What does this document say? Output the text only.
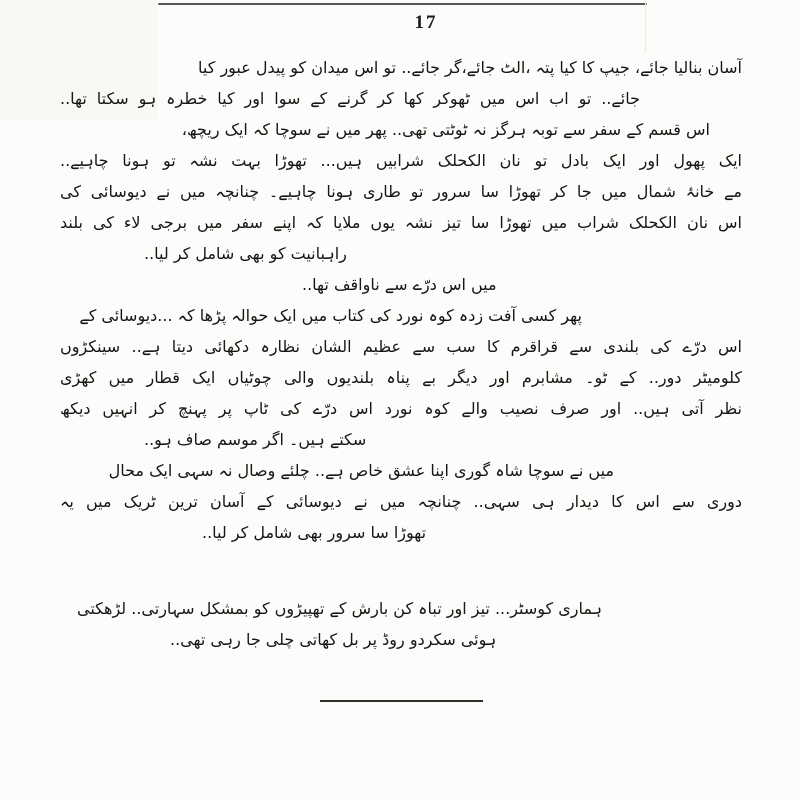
17
آسان بنالیا جائے، جیپ کا کیا پتہ ،الٹ جائے،گر جائے.. تو اس میدان کو پیدل عبور کیا
جائے.. تو اب اس میں ٹھوکر کھا کر گرنے کے سوا اور کیا خطرہ ہو سکتا تھا..
اس قسم کے سفر سے توبہ ہرگز نہ ٹوٹتی تھی.. پھر میں نے سوچا کہ ایک ریچھ،
ایک پھول اور ایک بادل تو نان الکحلک شرابیں ہیں... تھوڑا بہت نشہ تو ہونا چاہیے..
مے خانۂ شمال میں جا کر تھوڑا سا سرور تو طاری ہونا چاہیے۔ چنانچہ میں نے دیوسائی کی
اس نان الکحلک شراب میں تھوڑا سا تیز نشہ یوں ملایا کہ اپنے سفر میں برجی لاء کی بلند
راہبانیت کو بھی شامل کر لیا..
میں اس درّے سے ناواقف تھا..
پھر کسی آفت زدہ کوہ نورد کی کتاب میں ایک حوالہ پڑھا کہ ...دیوسائی کے
اس درّے کی بلندی سے قراقرم کا سب سے عظیم الشان نظارہ دکھائی دیتا ہے.. سینکڑوں
کلومیٹر دور.. کے ٹو۔ مشابرم اور دیگر بے پناہ بلندیوں والی چوٹیاں ایک قطار میں کھڑی
نظر آتی ہیں.. اور صرف نصیب والے کوہ نورد اس درّے کی ٹاپ پر پہنچ کر انہیں دیکھ
سکتے ہیں۔ اگر موسم صاف ہو..
میں نے سوچا شاہ گوری اپنا عشق خاص ہے.. چلئے وصال نہ سہی ایک محال
دوری سے اس کا دیدار ہی سہی.. چنانچہ میں نے دیوسائی کے آسان ترین ٹریک میں یہ
تھوڑا سا سرور بھی شامل کر لیا..
ہماری کوسٹر... تیز اور تباہ کن بارش کے تھپیڑوں کو بمشکل سہارتی.. لڑھکتی
ہوئی سکردو روڈ پر بل کھاتی چلی جا رہی تھی..
